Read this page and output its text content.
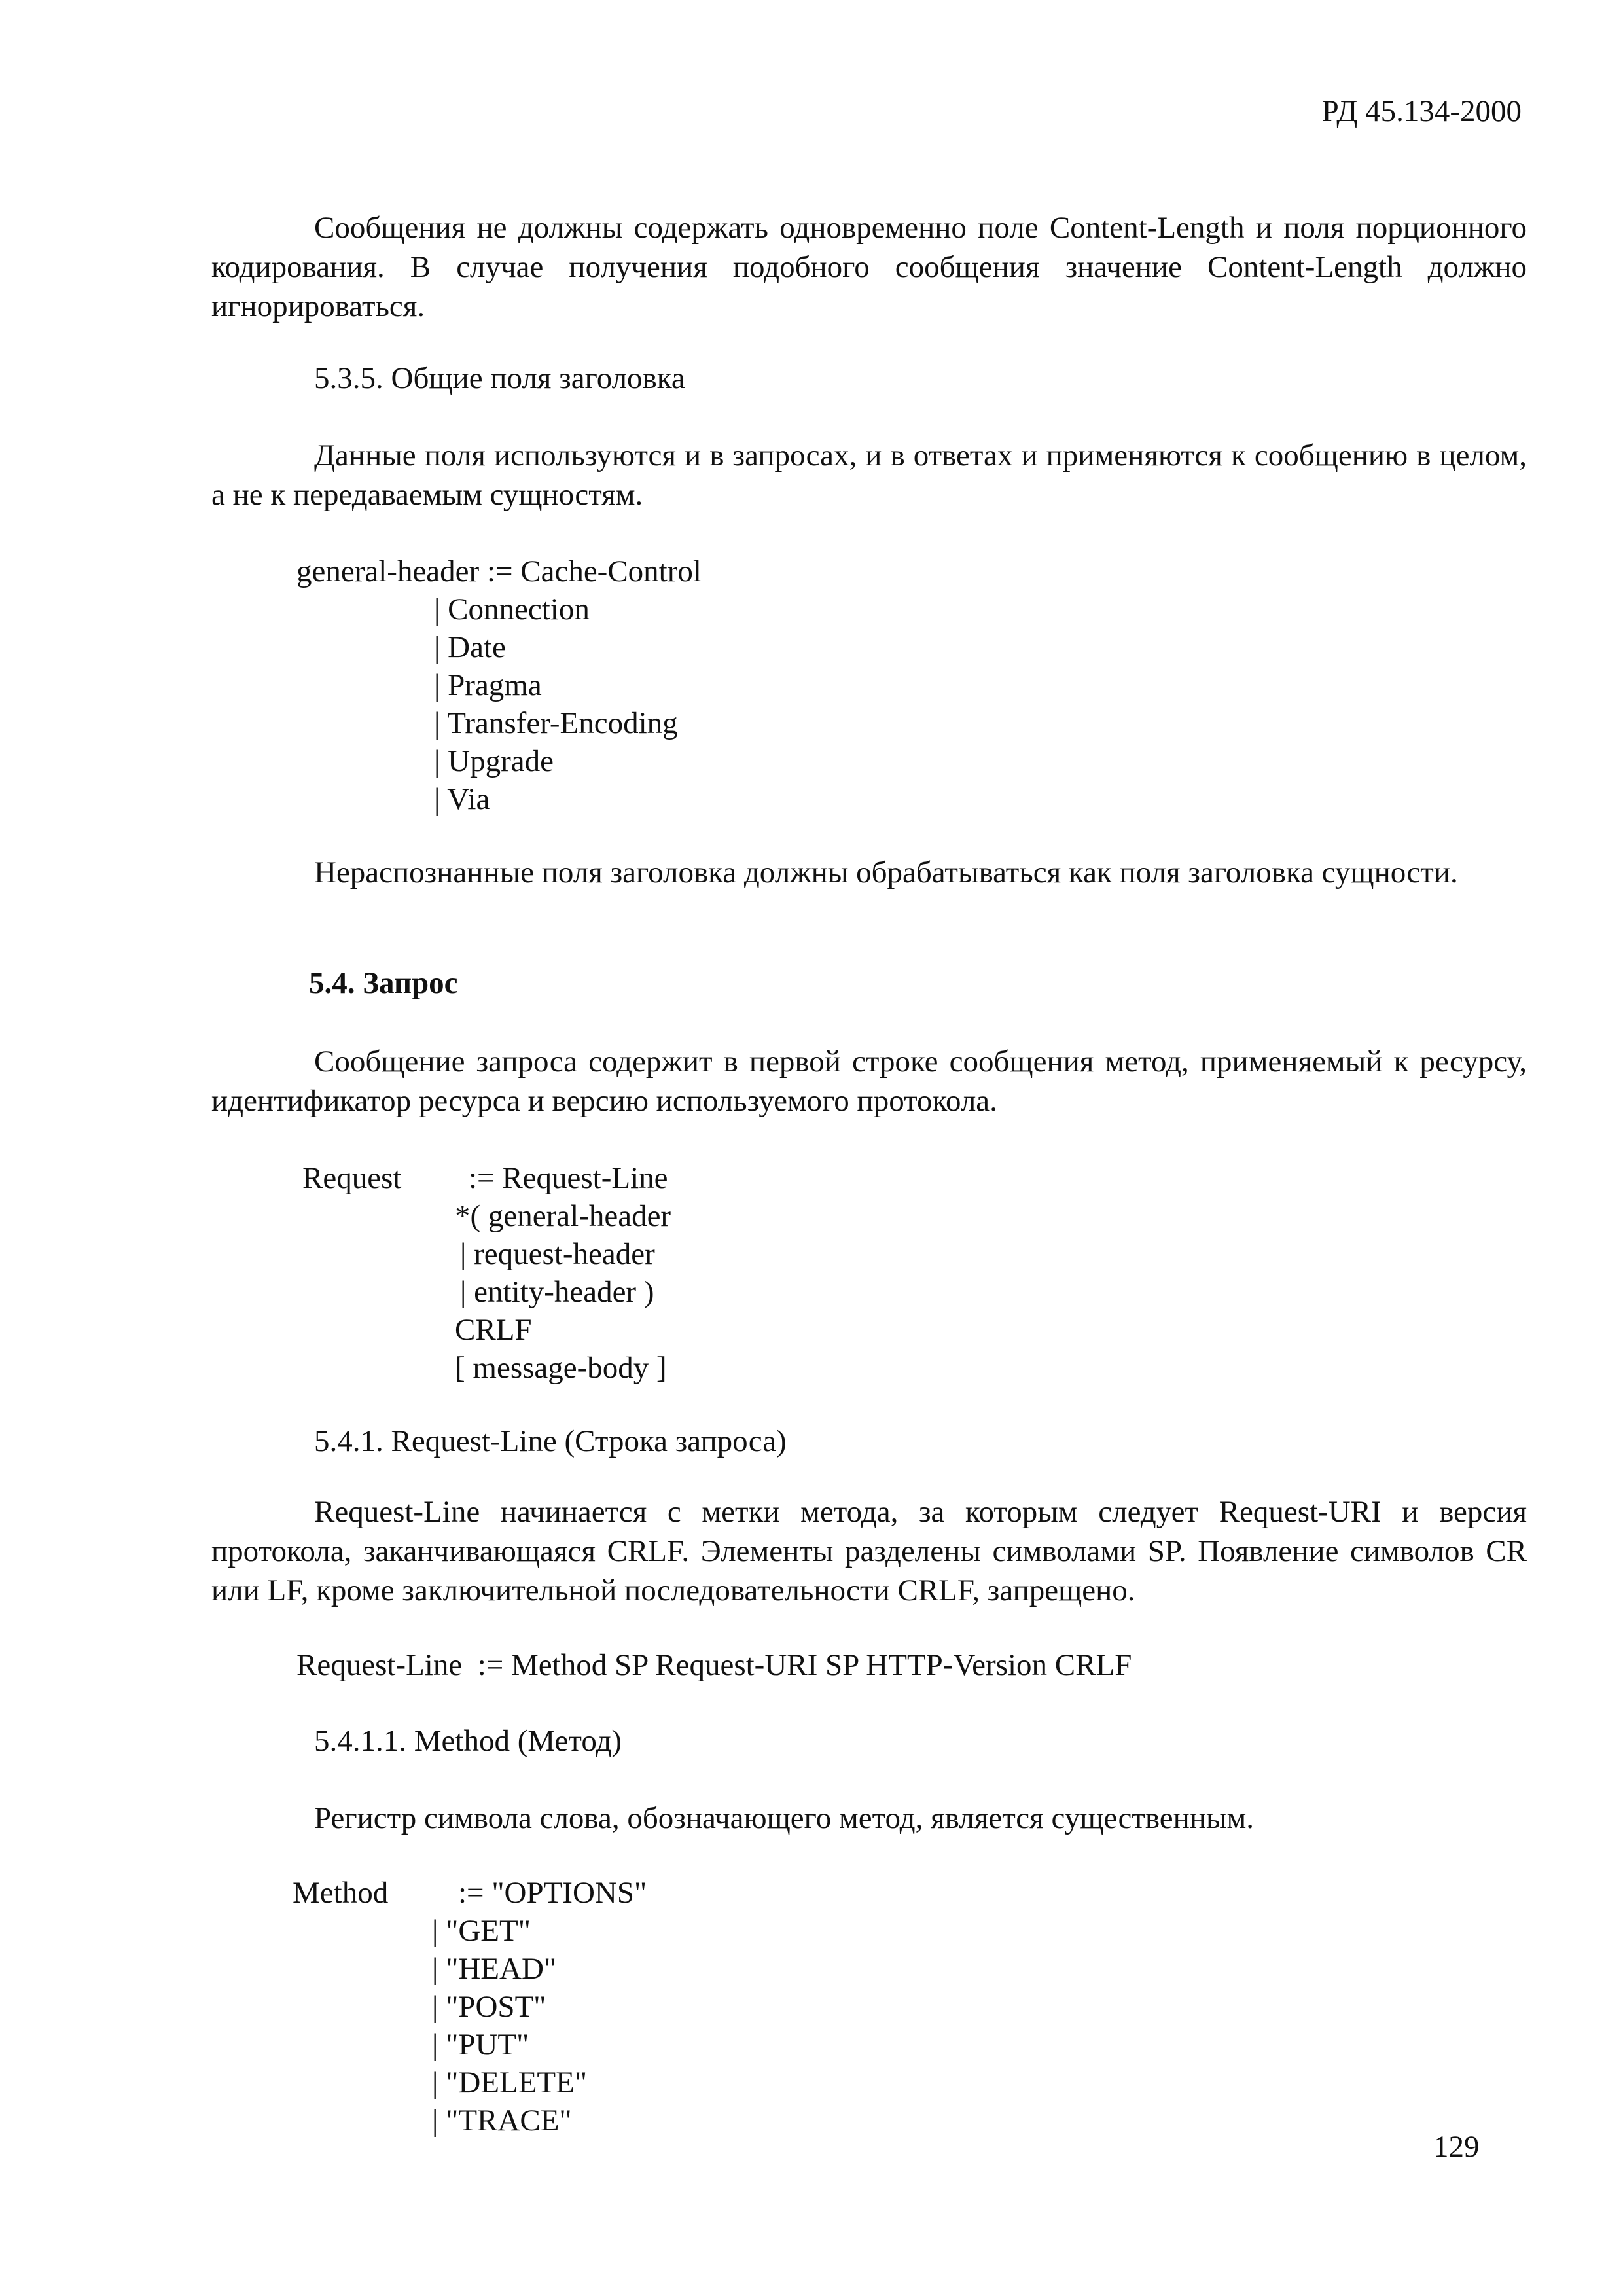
РД 45.134-2000

Сообщения не должны содержать одновременно поле Content-Length и поля порционного кодирования. В случае получения подобного сообщения значение Content-Length должно игнорироваться.

5.3.5. Общие поля заголовка

Данные поля используются и в запросах, и в ответах и применяются к сообщению в целом, а не к передаваемым сущностям.

general-header := Cache-Control
| Connection
| Date
| Pragma
| Transfer-Encoding
| Upgrade
| Via

Нераспознанные поля заголовка должны обрабатываться как поля заголовка сущности.

5.4. Запрос

Сообщение запроса содержит в первой строке сообщения метод, применяемый к ресурсу, идентификатор ресурса и версию используемого протокола.

Request := Request-Line
*( general-header
| request-header
| entity-header )
CRLF
[ message-body ]
5.4.1. Request-Line (Строка запроса)

Request-Line начинается с метки метода, за которым следует Request-URI и версия протокола, заканчивающаяся CRLF. Элементы разделены символами SP. Появление символов CR или LF, кроме заключительной последовательности CRLF, запрещено.

Request-Line  := Method SP Request-URI SP HTTP-Version CRLF
5.4.1.1. Method (Метод)

Регистр символа слова, обозначающего метод, является существенным.

Method := "OPTIONS"
| "GET"
| "HEAD"
| "POST"
| "PUT"
| "DELETE"
| "TRACE"
129
